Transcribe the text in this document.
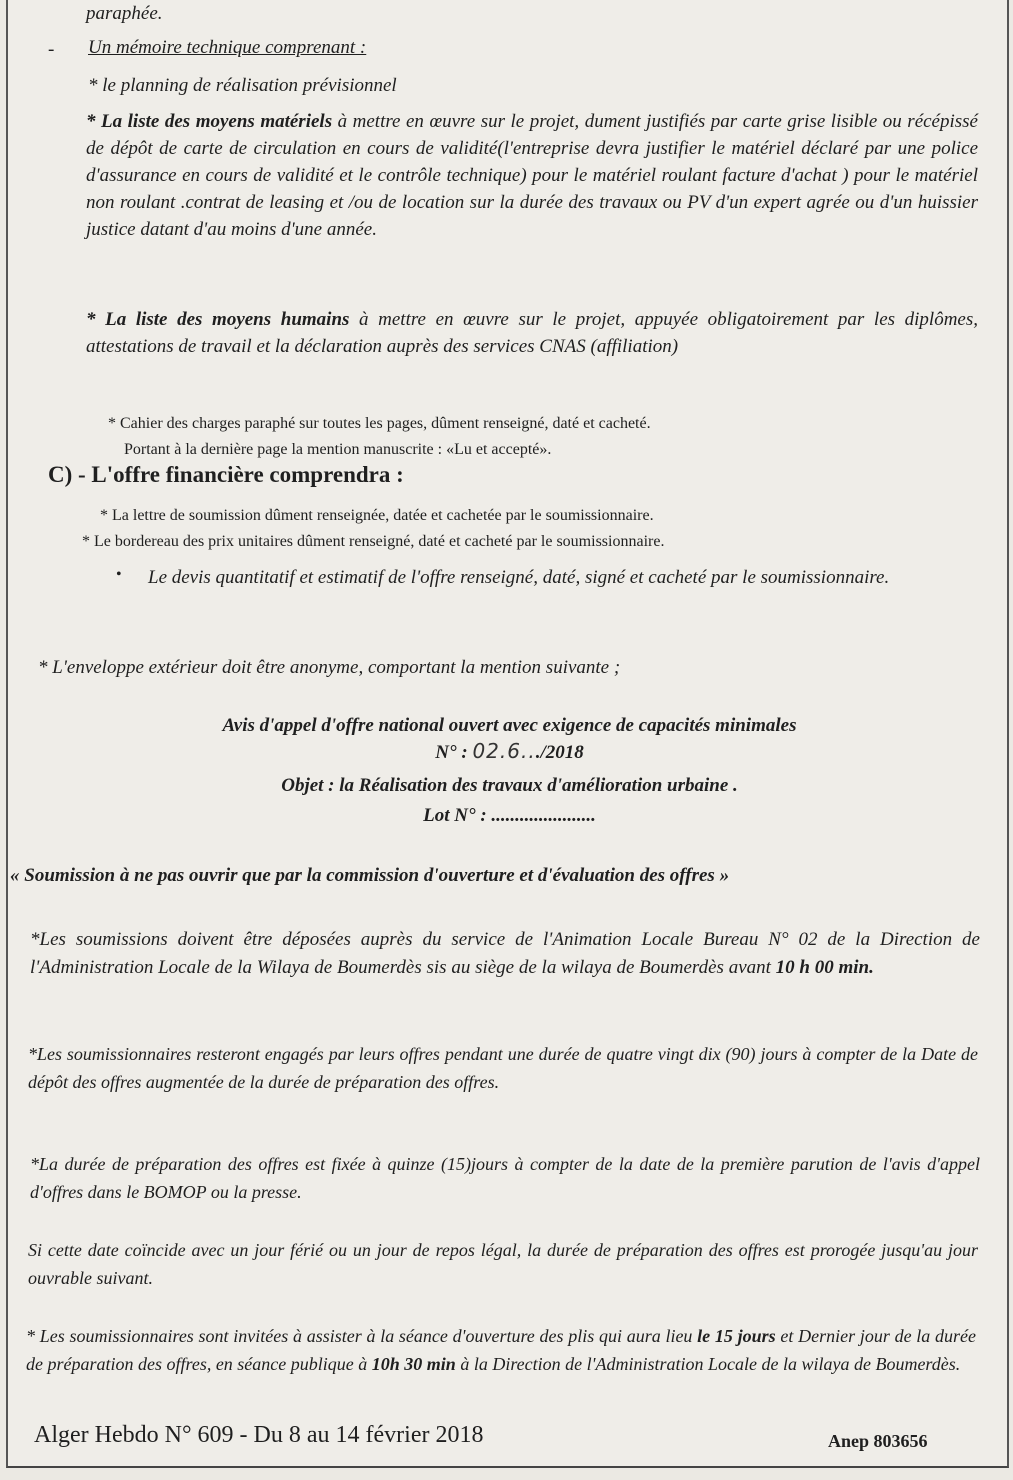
paraphée.

- Un mémoire technique comprenant :

* le planning de réalisation prévisionnel

* La liste des moyens matériels à mettre en œuvre sur le projet, dument justifiés par carte grise lisible ou récépissé de dépôt de carte de circulation en cours de validité(l'entreprise devra justifier le matériel déclaré par une police d'assurance en cours de validité et le contrôle technique) pour le matériel roulant facture d'achat ) pour le matériel non roulant .contrat de leasing et /ou de location sur la durée des travaux ou PV d'un expert agrée ou d'un huissier justice datant d'au moins d'une année.

* La liste des moyens humains à mettre en œuvre sur le projet, appuyée obligatoirement par les diplômes, attestations de travail et la déclaration auprès des services CNAS (affiliation)

* Cahier des charges paraphé sur toutes les pages, dûment renseigné, daté et cacheté.

Portant à la dernière page la mention manuscrite : «Lu et accepté».

C) - L'offre financière comprendra :

* La lettre de soumission dûment renseignée, datée et cachetée par le soumissionnaire.

* Le bordereau des prix unitaires dûment renseigné, daté et cacheté par le soumissionnaire.

• Le devis quantitatif et estimatif de l'offre renseigné, daté, signé et cacheté par le soumissionnaire.

* L'enveloppe extérieur doit être anonyme, comportant la mention suivante ;

Avis d'appel d'offre national ouvert avec exigence de capacités minimales

N° : 02.6.../2018

Objet : la Réalisation des travaux d'amélioration urbaine .

Lot N° : ......................

« Soumission à ne pas ouvrir que par la commission d'ouverture et d'évaluation des offres »

*Les soumissions doivent être déposées auprès du service de l'Animation Locale Bureau N° 02 de la Direction de l'Administration Locale de la Wilaya de Boumerdès sis au siège de la wilaya de Boumerdès avant 10 h 00 min.

*Les soumissionnaires resteront engagés par leurs offres pendant une durée de quatre vingt dix (90) jours à compter de la Date de dépôt des offres augmentée de la durée de préparation des offres.

*La durée de préparation des offres est fixée à quinze (15)jours à compter de la date de la première parution de l'avis d'appel d'offres dans le BOMOP ou la presse.

Si cette date coïncide avec un jour férié ou un jour de repos légal, la durée de préparation des offres est prorogée jusqu'au jour ouvrable suivant.

* Les soumissionnaires sont invitées à assister à la séance d'ouverture des plis qui aura lieu le 15 jours et Dernier jour de la durée de préparation des offres, en séance publique à 10h 30 min à la Direction de l'Administration Locale de la wilaya de Boumerdès.

Alger Hebdo N° 609 - Du 8 au 14 février 2018	Anep 803656
